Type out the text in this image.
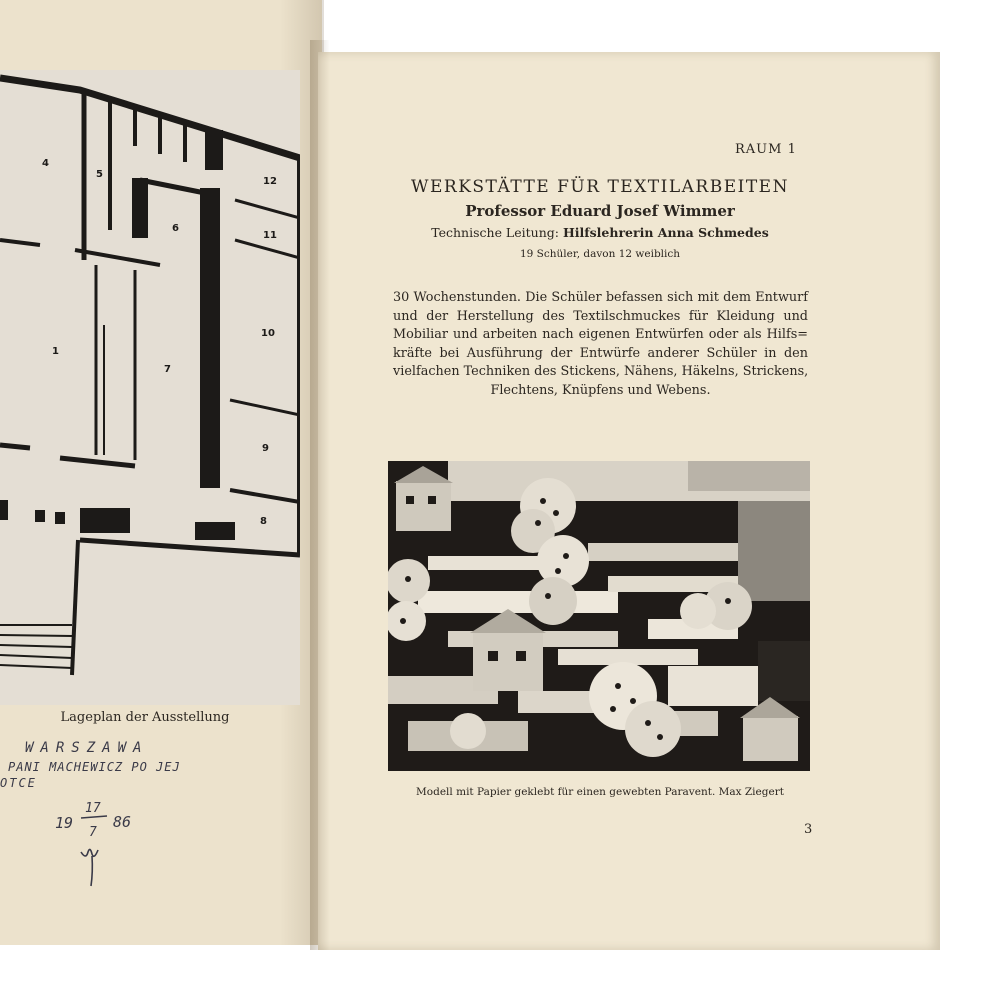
4
5
6
12
11
10
1
7
9
8
Lageplan der Ausstellung
WARSZAWA
PANI MACHEWICZ PO JEJ
OTCE
19
17
7
86
RAUM 1
WERKSTÄTTE FÜR TEXTILARBEITEN
Professor Eduard Josef Wimmer
Technische Leitung: Hilfslehrerin Anna Schmedes
19 Schüler, davon 12 weiblich
30 Wochenstunden. Die Schüler befassen sich mit dem Entwurf
und der Herstellung des Textilschmuckes für Kleidung und
Mobiliar und arbeiten nach eigenen Entwürfen oder als Hilfs=
kräfte bei Ausführung der Entwürfe anderer Schüler in den
vielfachen Techniken des Stickens, Nähens, Häkelns, Strickens,
Flechtens, Knüpfens und Webens.
Modell mit Papier geklebt für einen gewebten Paravent. Max Ziegert
3
